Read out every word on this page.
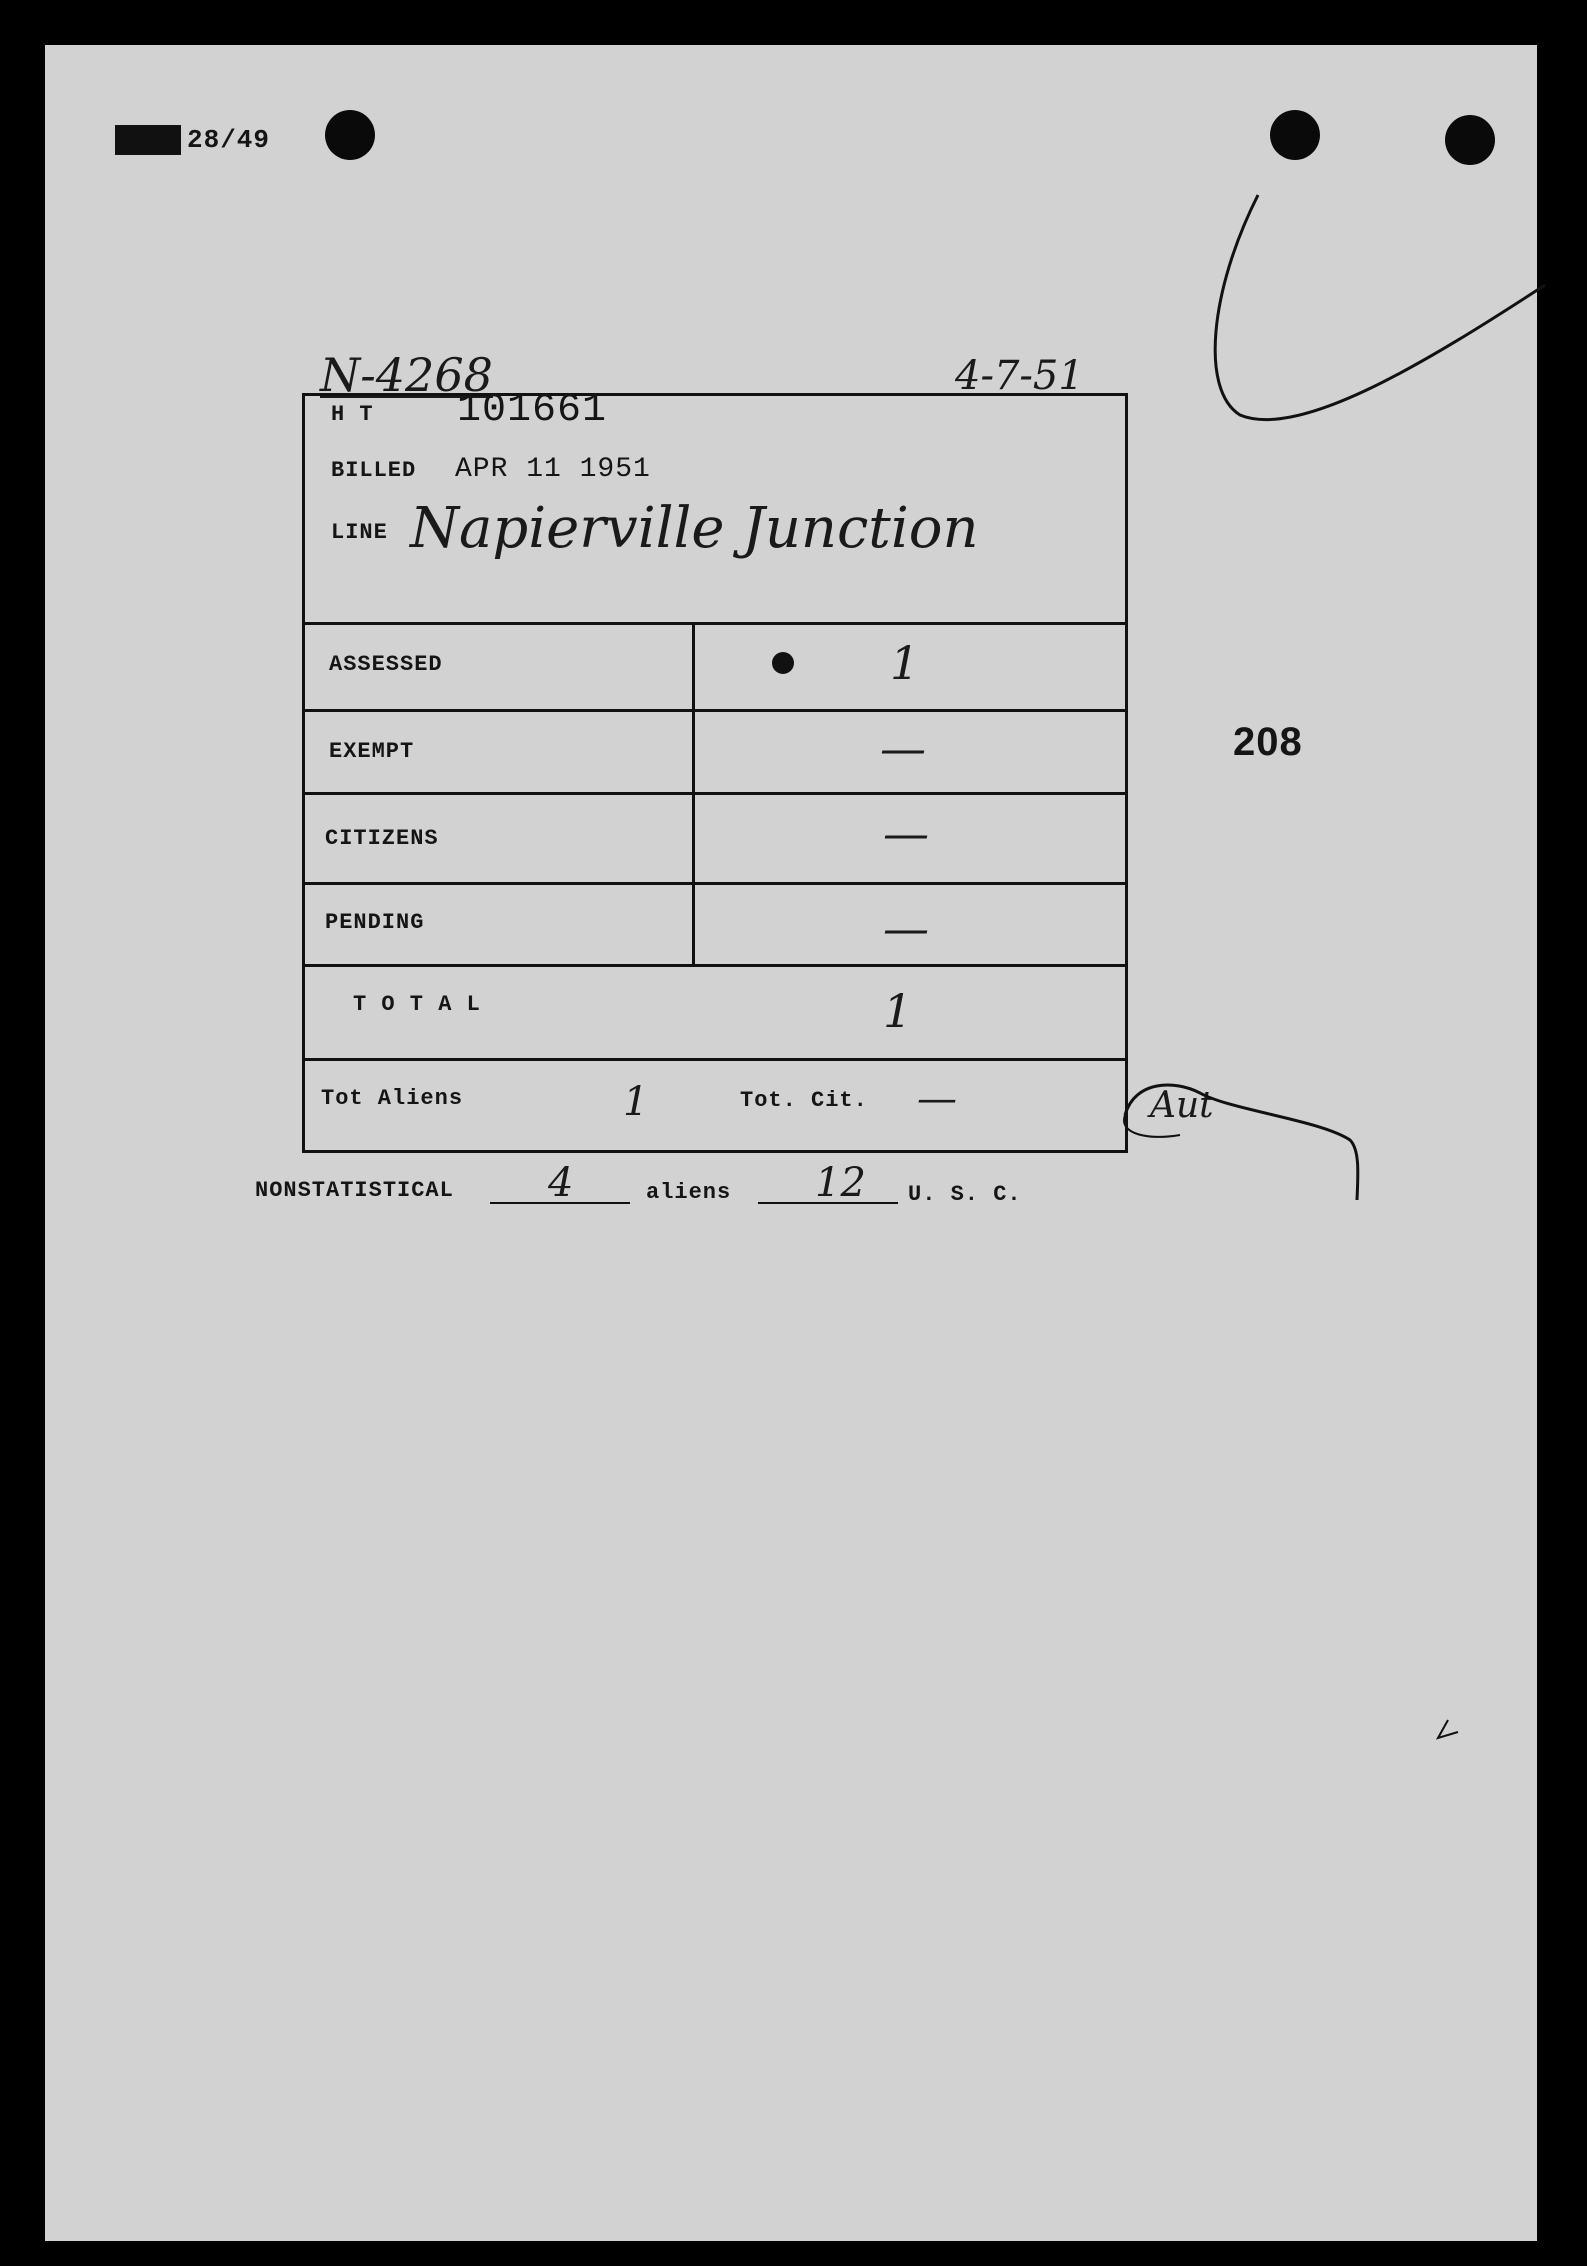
28/49
N-4268	4-7-51
H T 101661
BILLED APR 11 1951
LINE Napierville Junction
ASSESSED	1
EXEMPT	—
CITIZENS	—
PENDING	—
T O T A L	1
Tot Aliens	1	Tot. Cit. —
208
Aut
NONSTATISTICAL 4	aliens 12 U. S. C.
